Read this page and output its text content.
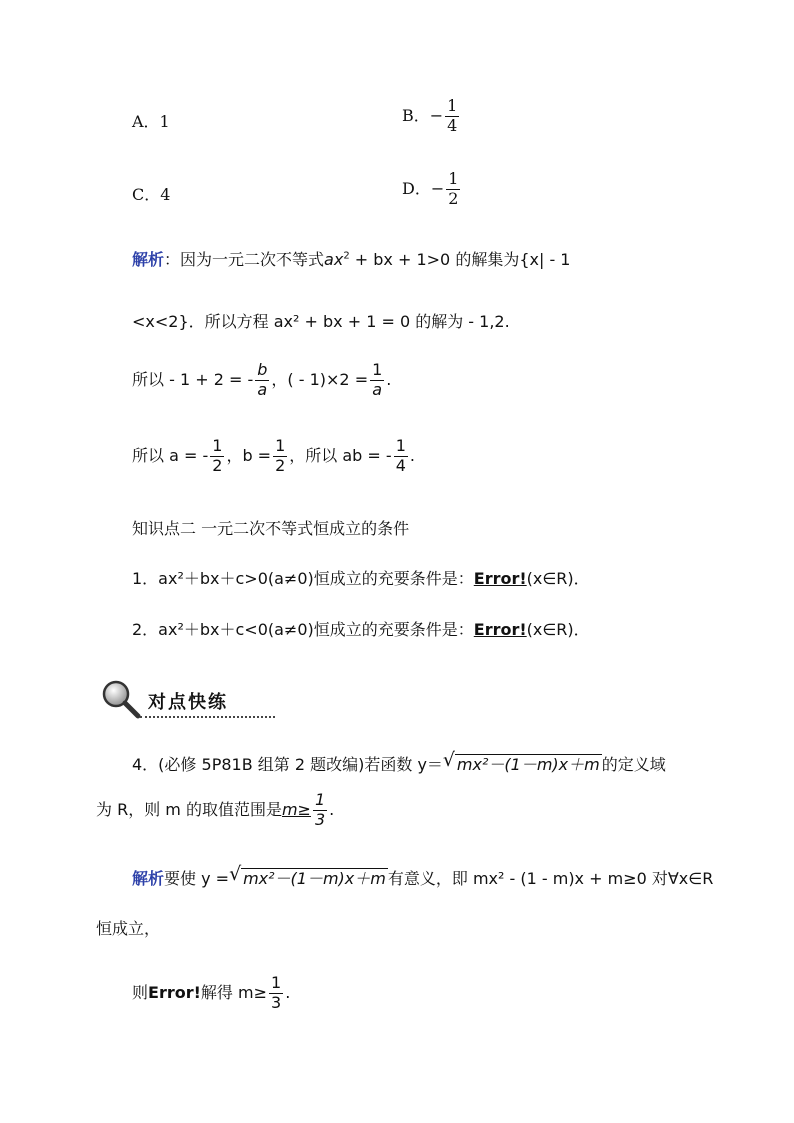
A．1	B．− $\frac{1}{4}$
C．4	D．− $\frac{1}{2}$
解析：因为一元二次不等式$ax^2$ + bx + 1>0 的解集为{x| - 1
<x<2}．所以方程 ax² + bx + 1 = 0 的解为 - 1,2.
所以 - 1 + 2 = - $\frac{b}{a}$ ，( - $1)\times 2 = \frac{1}{a}$ .
所以 a = - $\frac{1}{2}$ ，$b = \frac{1}{2}$ ，所以 ab = - $\frac{1}{4}$ .
知识点二 一元二次不等式恒成立的条件
1．ax²＋bx＋c>0(a≠0)恒成立的充要条件是：Error!(x∈R)．
2．ax²＋bx＋c<0(a≠0)恒成立的充要条件是：Error!(x∈R)．
对点快练
4．(必修 5P81B 组第 2 题改编)若函数 y＝ √ mx²－(1－m)x＋m 的定义域
为 R，则 m 的取值范围是$m\ge \frac{1}{3}$ .
解析要使 y = √ mx²－(1－m)x＋m 有意义，即 mx² - (1 - m)x + m≥0 对∀x∈R
恒成立，
则Error!解得 $m\ge \frac{1}{3}$ .
